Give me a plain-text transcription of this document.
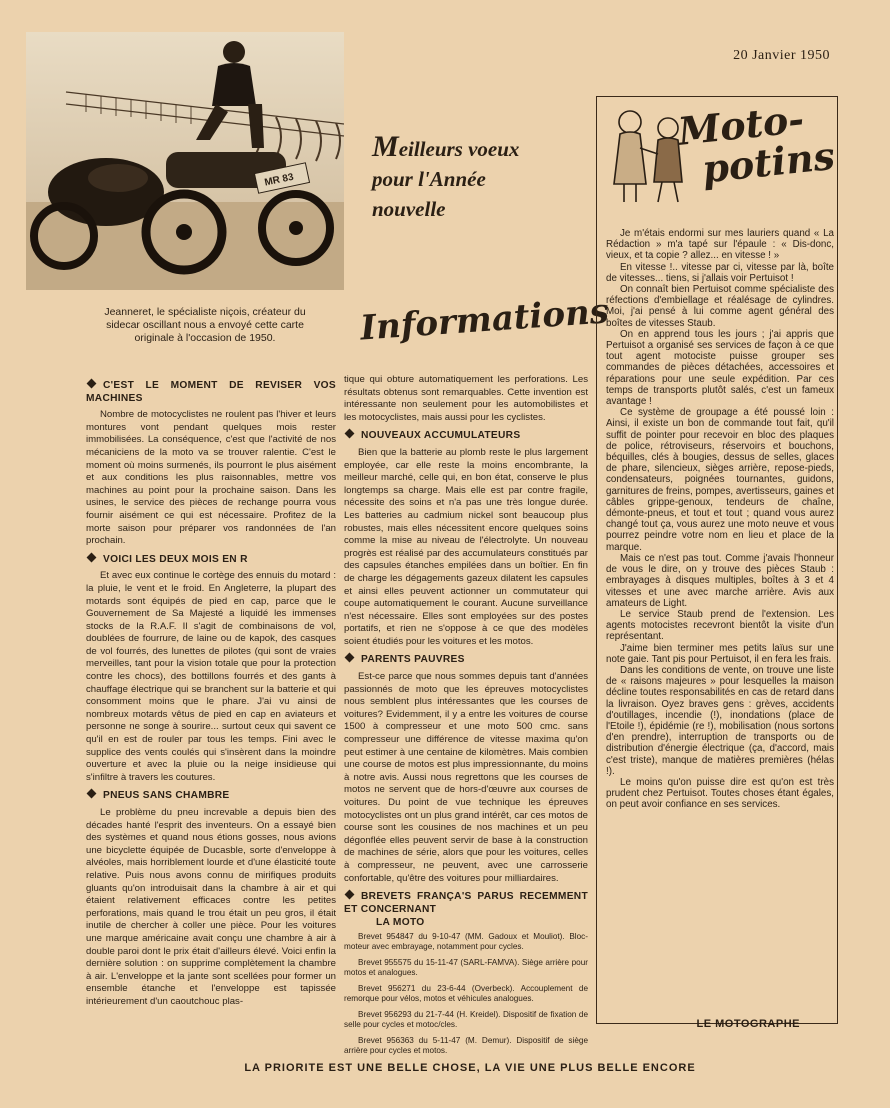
20 Janvier 1950
MR 83
Jeanneret, le spécialiste niçois, créateur du sidecar oscillant nous a envoyé cette carte originale à l'occasion de 1950.
Meilleurs voeux
pour l'Année
nouvelle
Informations
C'EST LE MOMENT DE REVISER VOS MACHINES

Nombre de motocyclistes ne roulent pas l'hiver et leurs montures vont pendant quelques mois rester immobilisées. La conséquence, c'est que l'activité de nos mécaniciens de la moto va se trouver ralentie. C'est le moment où moins surmenés, ils pourront le plus aisément et aux conditions les plus raisonnables, mettre vos machines au point pour la prochaine saison. Dans les usines, le service des pièces de rechange pourra vous fournir aisément ce qui est nécessaire. Profitez de la morte saison pour préparer vos randonnées de l'an prochain.

VOICI LES DEUX MOIS EN R

Et avec eux continue le cortège des ennuis du motard : la pluie, le vent et le froid. En Angleterre, la plupart des motards sont équipés de pied en cap, parce que le Gouvernement de Sa Majesté a liquidé les immenses stocks de la R.A.F. Il s'agit de combinaisons de vol, doublées de fourrure, de laine ou de kapok, des casques de vol fourrés, des lunettes de pilotes (qui sont de vraies merveilles, tant pour la vision totale que pour la protection contre les chocs), des bottillons fourrés et des gants à chauffage électrique qui se branchent sur la batterie et qui consomment moins que le phare. J'ai vu ainsi de nombreux motards vêtus de pied en cap en aviateurs et personne ne songe à sourire... surtout ceux qui savent ce qu'il en est de rouler par tous les temps. Fini avec le supplice des vents coulés qui s'insèrent dans la moindre ouverture et avec la pluie ou la neige insidieuse qui s'infiltre à travers les coutures.

PNEUS SANS CHAMBRE

Le problème du pneu increvable a depuis bien des décades hanté l'esprit des inventeurs. On a essayé bien des systèmes et quand nous étions gosses, nous avions une bicyclette équipée de Ducasble, sorte d'enveloppe à alvéoles, mais horriblement lourde et d'une élasticité toute relative. Puis nous avons connu de mirifiques produits gluants qu'on introduisait dans la chambre à air et qui étaient relativement efficaces contre les petites perforations, mais quand le trou était un peu gros, il était inutile de chercher à coller une pièce. Pour les voitures une marque américaine avait conçu une chambre à air à double paroi dont le prix était d'ailleurs élevé. Voici enfin la dernière solution : on supprime complètement la chambre à air. L'enveloppe et la jante sont scellées pour former un ensemble étanche et l'enveloppe est tapissée intérieurement d'un caoutchouc plas-

tique qui obture automatiquement les perforations. Les résultats obtenus sont remarquables. Cette invention est intéressante non seulement pour les automobilistes et les motocyclistes, mais aussi pour les cyclistes.

NOUVEAUX ACCUMULATEURS

Bien que la batterie au plomb reste le plus largement employée, car elle reste la moins encombrante, la meilleur marché, celle qui, en bon état, conserve le plus longtemps sa charge. Mais elle est par contre fragile, nécessite des soins et n'a pas une très longue durée. Les batteries au cadmium nickel sont beaucoup plus robustes, mais elles nécessitent encore quelques soins comme la mise au niveau de l'électrolyte. Un nouveau progrès est réalisé par des accumulateurs constitués par des capsules étanches empilées dans un boîtier. En fin de charge les dégagements gazeux dilatent les capsules et ainsi elles peuvent actionner un commutateur qui coupe automatiquement le courant. Aucune surveillance n'est nécessaire. Elles sont employées sur des postes portatifs, et rien ne s'oppose à ce que des modèles soient étudiés pour les voitures et les motos.

PARENTS PAUVRES

Est-ce parce que nous sommes depuis tant d'années passionnés de moto que les épreuves motocyclistes nous semblent plus intéressantes que les courses de voitures? Evidemment, il y a entre les voitures de course 1500 à compresseur et une moto 500 cmc. sans compresseur une différence de vitesse maxima qu'on peut estimer à une centaine de kilomètres. Mais combien une course de motos est plus impressionnante, du moins à notre avis. Aussi nous regrettons que les courses de motos ne servent que de hors-d'œuvre aux courses de voitures. Du point de vue technique les épreuves motocyclistes ont un plus grand intérêt, car ces motos de course sont les cousines de nos machines et un peu dégonflée elles peuvent servir de base à la construction de machines de série, alors que pour les voitures, celles à compresseur, ne peuvent, avec une carrosserie confortable, qu'être des voitures pour milliardaires.

BREVETS FRANÇA'S PARUS RECEMMENT ET CONCERNANT
LA MOTO

Brevet 954847 du 9-10-47 (MM. Gadoux et Mouliot). Bloc-moteur avec embrayage, notamment pour cycles.

Brevet 955575 du 15-11-47 (SARL-FAMVA). Siège arrière pour motos et analogues.

Brevet 956271 du 23-6-44 (Overbeck). Accouplement de remorque pour vélos, motos et véhicules analogues.

Brevet 956293 du 21-7-44 (H. Kreidel). Dispositif de fixation de selle pour cycles et motoc/cles.

Brevet 956363 du 5-11-47 (M. Demur). Dispositif de siège arrière pour cycles et motos.

Moto-
potins

Je m'étais endormi sur mes lauriers quand « La Rédaction » m'a tapé sur l'épaule : « Dis-donc, vieux, et ta copie ? allez... en vitesse ! »

En vitesse !.. vitesse par ci, vitesse par là, boîte de vitesses... tiens, si j'allais voir Pertuisot !

On connaît bien Pertuisot comme spécialiste des réfections d'embiellage et réalésage de cylindres. Moi, j'ai pensé à lui comme agent général des boîtes de vitesses Staub.

On en apprend tous les jours ; j'ai appris que Pertuisot a organisé ses services de façon à ce que tout agent motociste puisse grouper ses commandes de pièces détachées, accessoires et réparations pour une seule expédition. Par ces temps de transports plutôt salés, c'est un fameux avantage !

Ce système de groupage a été poussé loin : Ainsi, il existe un bon de commande tout fait, qu'il suffit de pointer pour recevoir en bloc des plaques de police, rétroviseurs, réservoirs et bouchons, béquilles, clés à bougies, dessus de selles, glaces de phare, silencieux, sièges arrière, repose-pieds, condensateurs, poignées tournantes, guidons, garnitures de freins, pompes, avertisseurs, gaines et câbles grippe-genoux, tendeurs de chaîne, démonte-pneus, et tout et tout ; quand vous aurez changé tout ça, vous aurez une moto neuve et vous pourrez peindre votre nom en lieu et place de la marque.

Mais ce n'est pas tout. Comme j'avais l'honneur de vous le dire, on y trouve des pièces Staub : embrayages à disques multiples, boîtes à 3 et 4 vitesses et une avec marche arrière. Avis aux amateurs de Light.

Le service Staub prend de l'extension. Les agents motocistes recevront bientôt la visite d'un représentant.

J'aime bien terminer mes petits laïus sur une note gaie. Tant pis pour Pertuisot, il en fera les frais.

Dans les conditions de vente, on trouve une liste de « raisons majeures » pour lesquelles la maison décline toutes responsabilités en cas de retard dans la livraison. Oyez braves gens : grèves, accidents d'outillages, incendie (!), inondations (place de l'Etoile !), épidémie (re !), mobilisation (nous sortons d'en prendre), interruption de transports ou de distribution d'énergie électrique (ça, d'accord, mais c'est triste), manque de matières premières (hélas !).

Le moins qu'on puisse dire est qu'on est très prudent chez Pertuisot. Toutes choses étant égales, on peut avoir confiance en ses services.

LE MOTOGRAPHE
LA PRIORITE EST UNE BELLE CHOSE, LA VIE UNE PLUS BELLE ENCORE
